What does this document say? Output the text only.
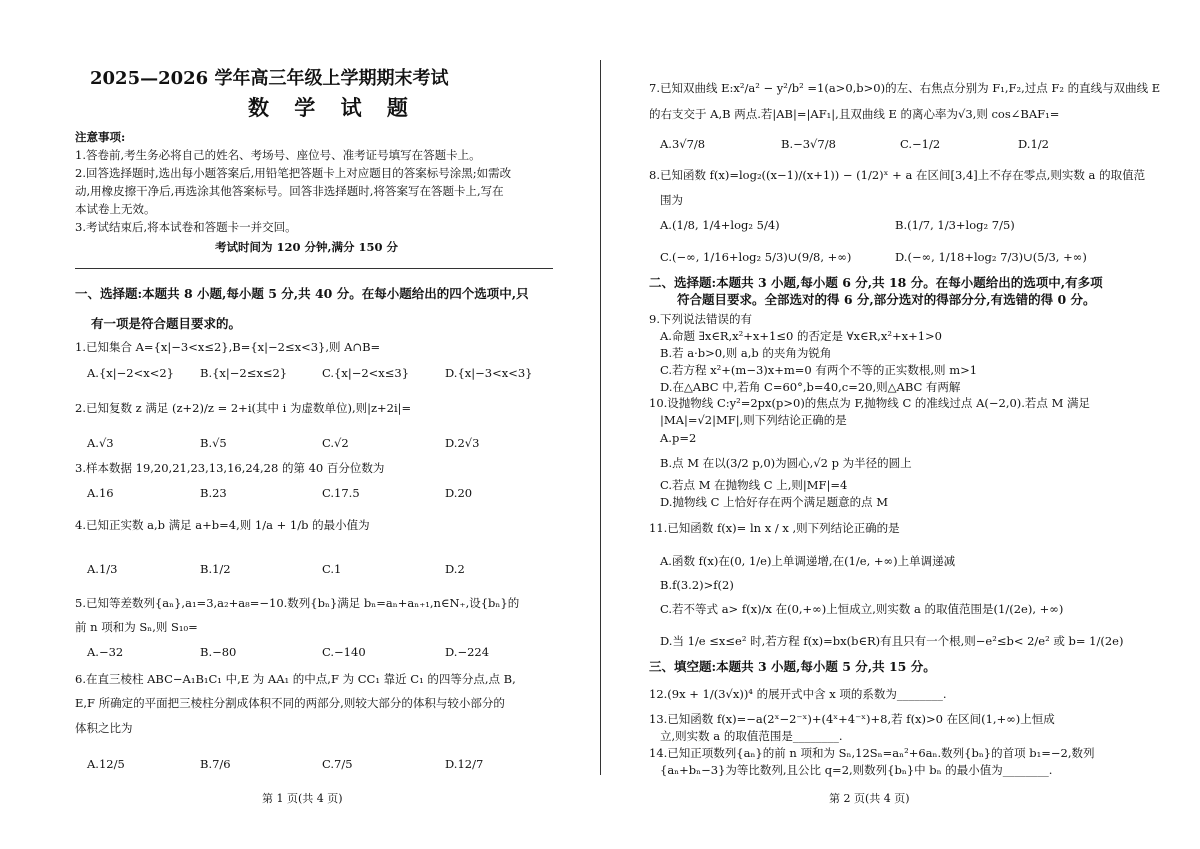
2025—2026 学年高三年级上学期期末考试
数 学 试 题
注意事项:
1.答卷前,考生务必将自己的姓名、考场号、座位号、准考证号填写在答题卡上。
2.回答选择题时,选出每小题答案后,用铅笔把答题卡上对应题目的答案标号涂黑;如需改
动,用橡皮擦干净后,再选涂其他答案标号。回答非选择题时,将答案写在答题卡上,写在
本试卷上无效。
3.考试结束后,将本试卷和答题卡一并交回。
考试时间为 120 分钟,满分 150 分
一、选择题:本题共 8 小题,每小题 5 分,共 40 分。在每小题给出的四个选项中,只
有一项是符合题目要求的。
1.已知集合 A={x|−3<x≤2},B={x|−2≤x<3},则 A∩B=
A.{x|−2<x<2} B.{x|−2≤x≤2}	C.{x|−2<x≤3}	D.{x|−3<x<3}
2.已知复数 z 满足 (z+2)/z = 2+i(其中 i 为虚数单位),则|z+2i|=
A.√3	B.√5	C.√2	D.2√3
3.样本数据 19,20,21,23,13,16,24,28 的第 40 百分位数为
A.16	B.23	C.17.5	D.20
4.已知正实数 a,b 满足 a+b=4,则 1/a + 1/b 的最小值为
A.1/3	B.1/2	C.1	D.2
5.已知等差数列{aₙ},a₁=3,a₂+a₈=−10.数列{bₙ}满足 bₙ=aₙ+aₙ₊₁,n∈N₊,设{bₙ}的
前 n 项和为 Sₙ,则 S₁₀=
A.−32	B.−80	C.−140	D.−224
6.在直三棱柱 ABC−A₁B₁C₁ 中,E 为 AA₁ 的中点,F 为 CC₁ 靠近 C₁ 的四等分点,点 B,
E,F 所确定的平面把三棱柱分割成体积不同的两部分,则较大部分的体积与较小部分的
体积之比为
A.12/5	B.7/6	C.7/5	D.12/7
第 1 页(共 4 页)
7.已知双曲线 E:x²/a² − y²/b² =1(a>0,b>0)的左、右焦点分别为 F₁,F₂,过点 F₂ 的直线与双曲线 E
的右支交于 A,B 两点.若|AB|=|AF₁|,且双曲线 E 的离心率为√3,则 cos∠BAF₁=
A.3√7/8	B.−3√7/8	C.−1/2	D.1/2
8.已知函数 f(x)=log₂((x−1)/(x+1)) − (1/2)ˣ + a 在区间[3,4]上不存在零点,则实数 a 的取值范
围为
A.(1/8, 1/4+log₂ 5/4)	B.(1/7, 1/3+log₂ 7/5)
C.(−∞, 1/16+log₂ 5/3)∪(9/8, +∞)	D.(−∞, 1/18+log₂ 7/3)∪(5/3, +∞)
二、选择题:本题共 3 小题,每小题 6 分,共 18 分。在每小题给出的选项中,有多项
符合题目要求。全部选对的得 6 分,部分选对的得部分分,有选错的得 0 分。
9.下列说法错误的有
A.命题 ∃x∈R,x²+x+1≤0 的否定是 ∀x∈R,x²+x+1>0
B.若 a·b>0,则 a,b 的夹角为锐角
C.若方程 x²+(m−3)x+m=0 有两个不等的正实数根,则 m>1
D.在△ABC 中,若角 C=60°,b=40,c=20,则△ABC 有两解
10.设抛物线 C:y²=2px(p>0)的焦点为 F,抛物线 C 的准线过点 A(−2,0).若点 M 满足
|MA|=√2|MF|,则下列结论正确的是
A.p=2
B.点 M 在以(3/2 p,0)为圆心,√2 p 为半径的圆上
C.若点 M 在抛物线 C 上,则|MF|=4
D.抛物线 C 上恰好存在两个满足题意的点 M
11.已知函数 f(x)= ln x / x ,则下列结论正确的是
A.函数 f(x)在(0, 1/e)上单调递增,在(1/e, +∞)上单调递减
B.f(3.2)>f(2)
C.若不等式 a> f(x)/x 在(0,+∞)上恒成立,则实数 a 的取值范围是(1/(2e), +∞)
D.当 1/e ≤x≤e² 时,若方程 f(x)=bx(b∈R)有且只有一个根,则−e²≤b< 2/e² 或 b= 1/(2e)
三、填空题:本题共 3 小题,每小题 5 分,共 15 分。
12.(9x + 1/(3√x))⁴ 的展开式中含 x 项的系数为________.
13.已知函数 f(x)=−a(2ˣ−2⁻ˣ)+(4ˣ+4⁻ˣ)+8,若 f(x)>0 在区间(1,+∞)上恒成
立,则实数 a 的取值范围是________.
14.已知正项数列{aₙ}的前 n 项和为 Sₙ,12Sₙ=aₙ²+6aₙ.数列{bₙ}的首项 b₁=−2,数列
{aₙ+bₙ−3}为等比数列,且公比 q=2,则数列{bₙ}中 bₙ 的最小值为________.
第 2 页(共 4 页)
